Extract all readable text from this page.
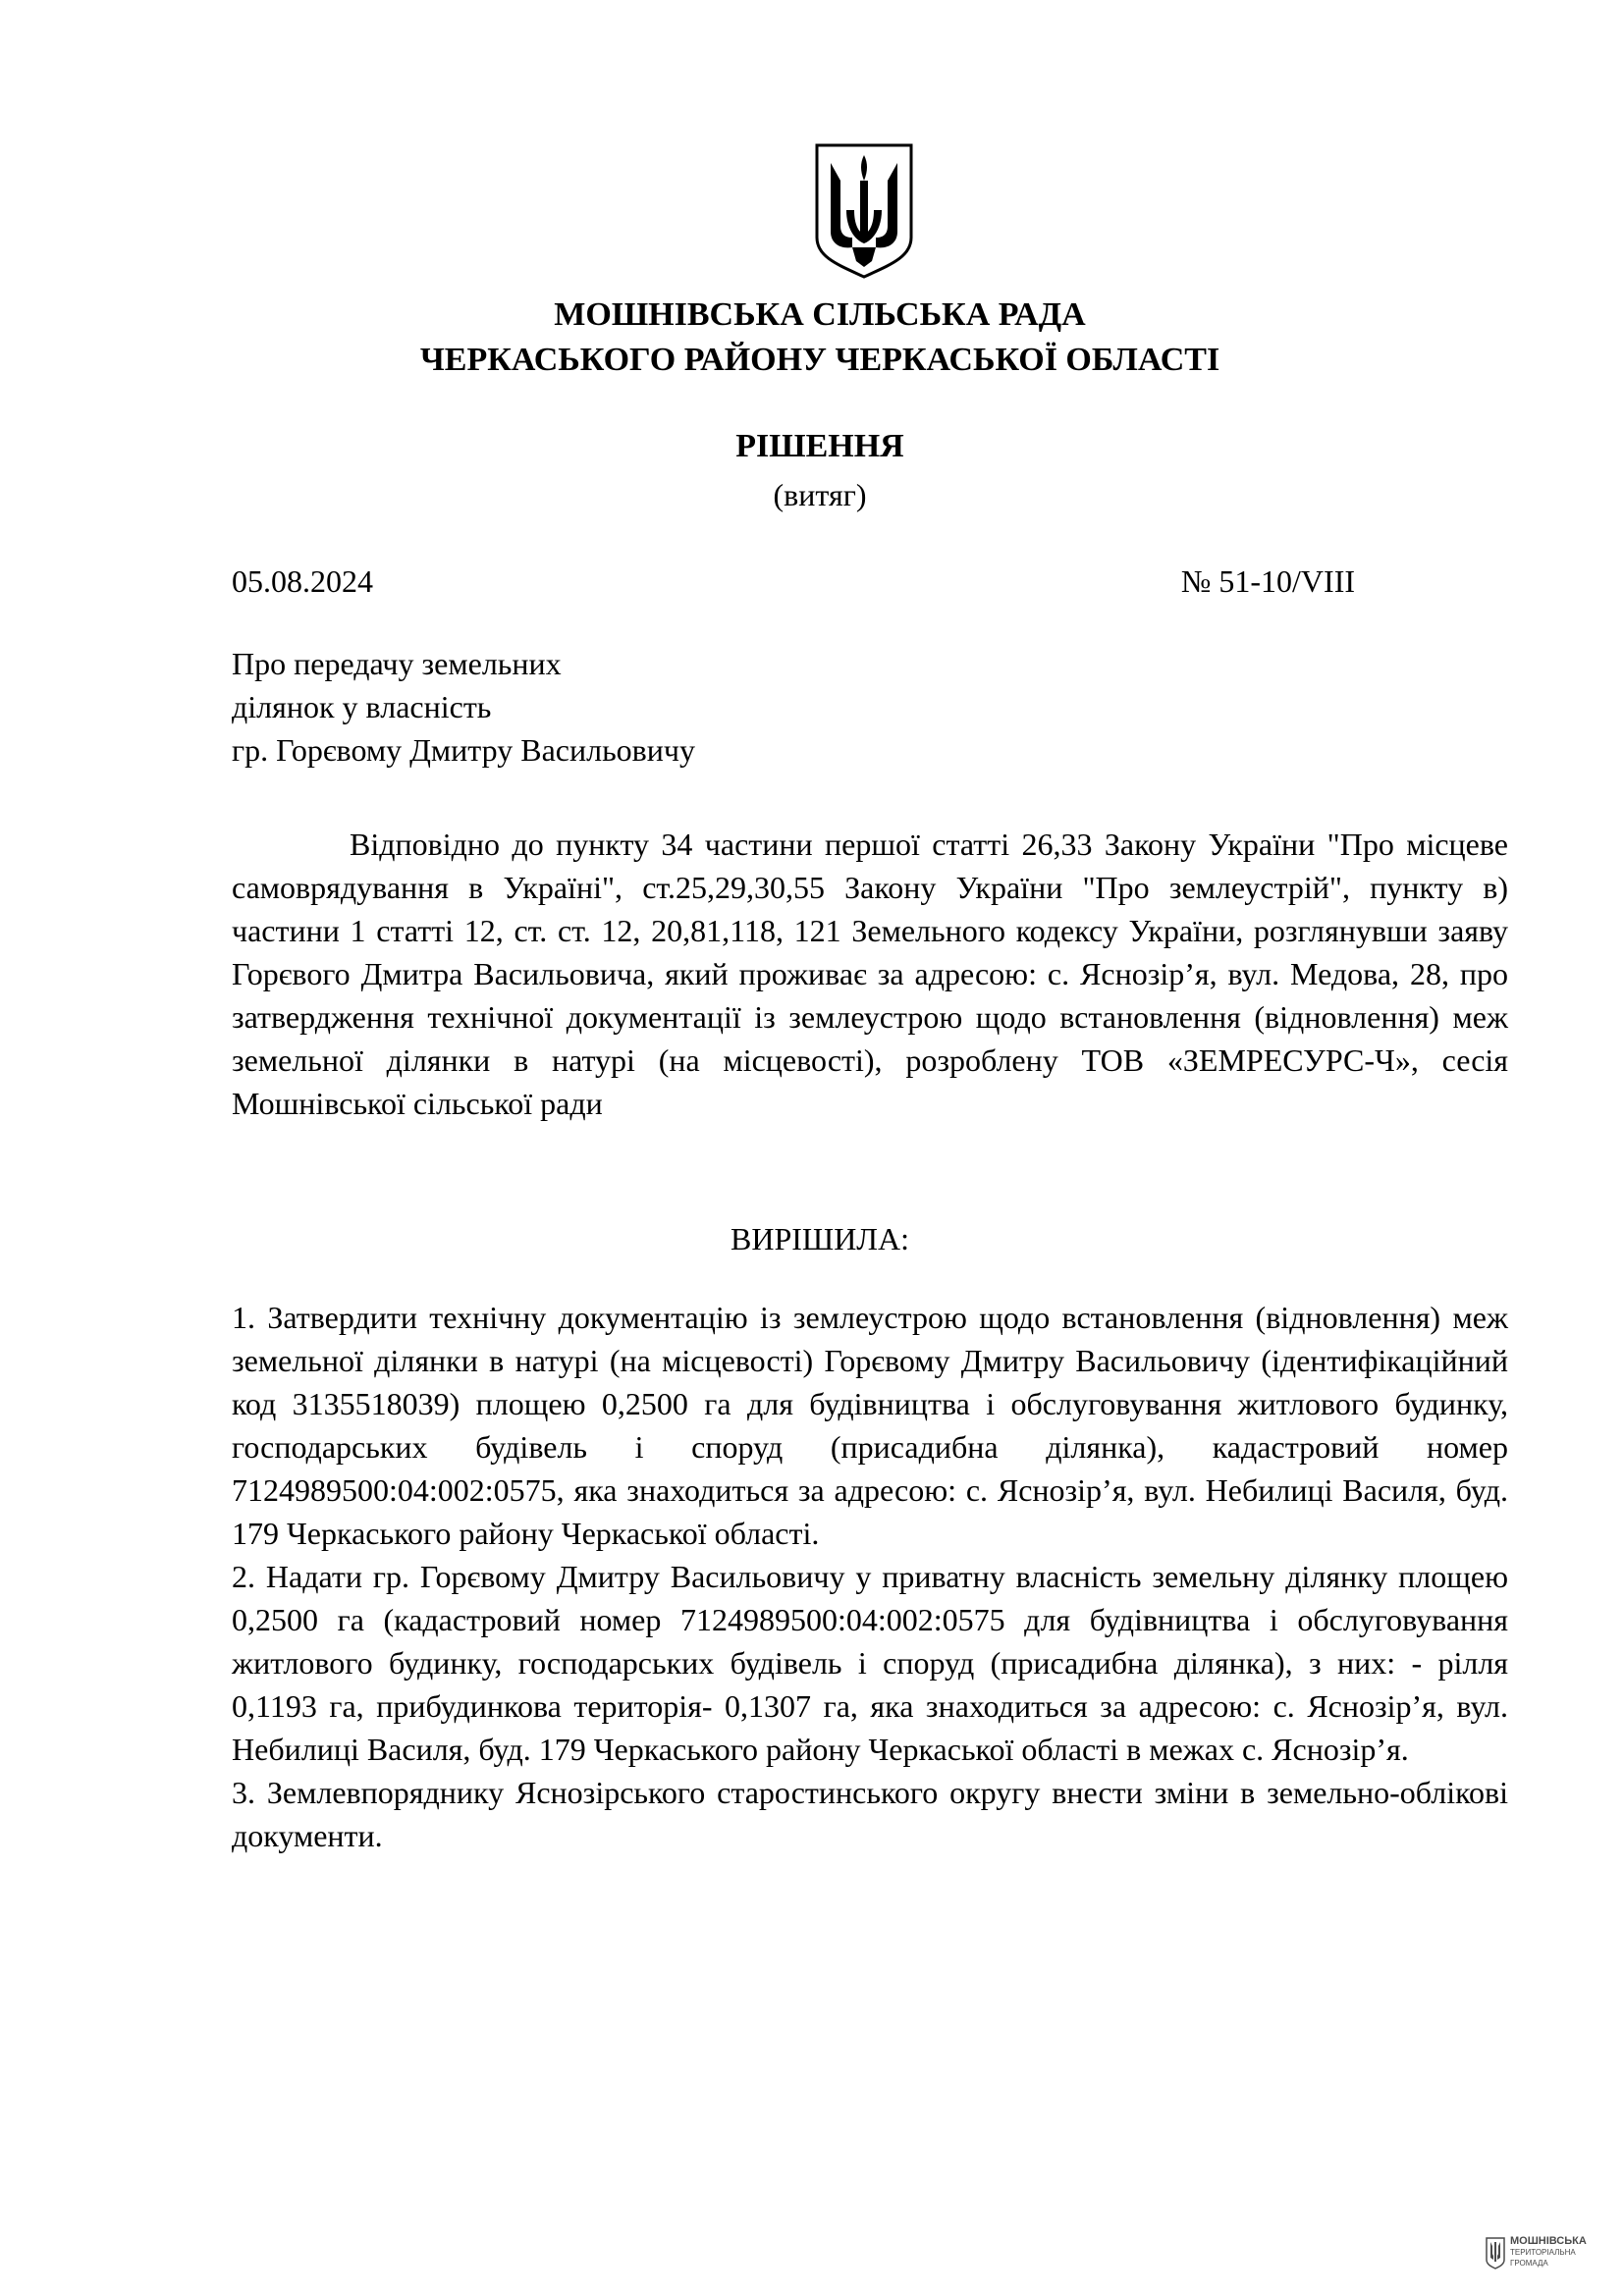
МОШНІВСЬКА СІЛЬСЬКА РАДА
ЧЕРКАСЬКОГО РАЙОНУ ЧЕРКАСЬКОЇ ОБЛАСТІ
РІШЕННЯ
(витяг)
05.08.2024	№ 51-10/VIII
Про передачу земельних
ділянок у власність
гр. Горєвому Дмитру Васильовичу
Відповідно до пункту 34 частини першої статті 26,33 Закону України "Про місцеве самоврядування в Україні", ст.25,29,30,55 Закону України "Про землеустрій", пункту в) частини 1 статті 12, ст. ст. 12, 20,81,118, 121 Земельного кодексу України, розглянувши заяву Горєвого Дмитра Васильовича, який проживає за адресою: с. Яснозір’я, вул. Медова, 28, про затвердження технічної документації із землеустрою щодо встановлення (відновлення) меж земельної ділянки в натурі (на місцевості), розроблену ТОВ «ЗЕМРЕСУРС-Ч», сесія Мошнівської сільської ради
ВИРІШИЛА:

1. Затвердити технічну документацію із землеустрою щодо встановлення (відновлення) меж земельної ділянки в натурі (на місцевості) Горєвому Дмитру Васильовичу (ідентифікаційний код 3135518039) площею 0,2500 га для будівництва і обслуговування житлового будинку, господарських будівель і споруд (присадибна ділянка), кадастровий номер 7124989500:04:002:0575, яка знаходиться за адресою: с. Яснозір’я, вул. Небилиці Василя, буд. 179 Черкаського району Черкаської області.

2. Надати гр. Горєвому Дмитру Васильовичу у приватну власність земельну ділянку площею 0,2500 га (кадастровий номер 7124989500:04:002:0575 для будівництва і обслуговування житлового будинку, господарських будівель і споруд (присадибна ділянка), з них: - рілля 0,1193 га, прибудинкова територія- 0,1307 га, яка знаходиться за адресою: с. Яснозір’я, вул. Небилиці Василя, буд. 179 Черкаського району Черкаської області в межах с. Яснозір’я.

3. Землевпоряднику Яснозірського старостинського округу внести зміни в земельно-облікові документи.

МОШНІВСЬКА
ТЕРИТОРІАЛЬНА
ГРОМАДА
